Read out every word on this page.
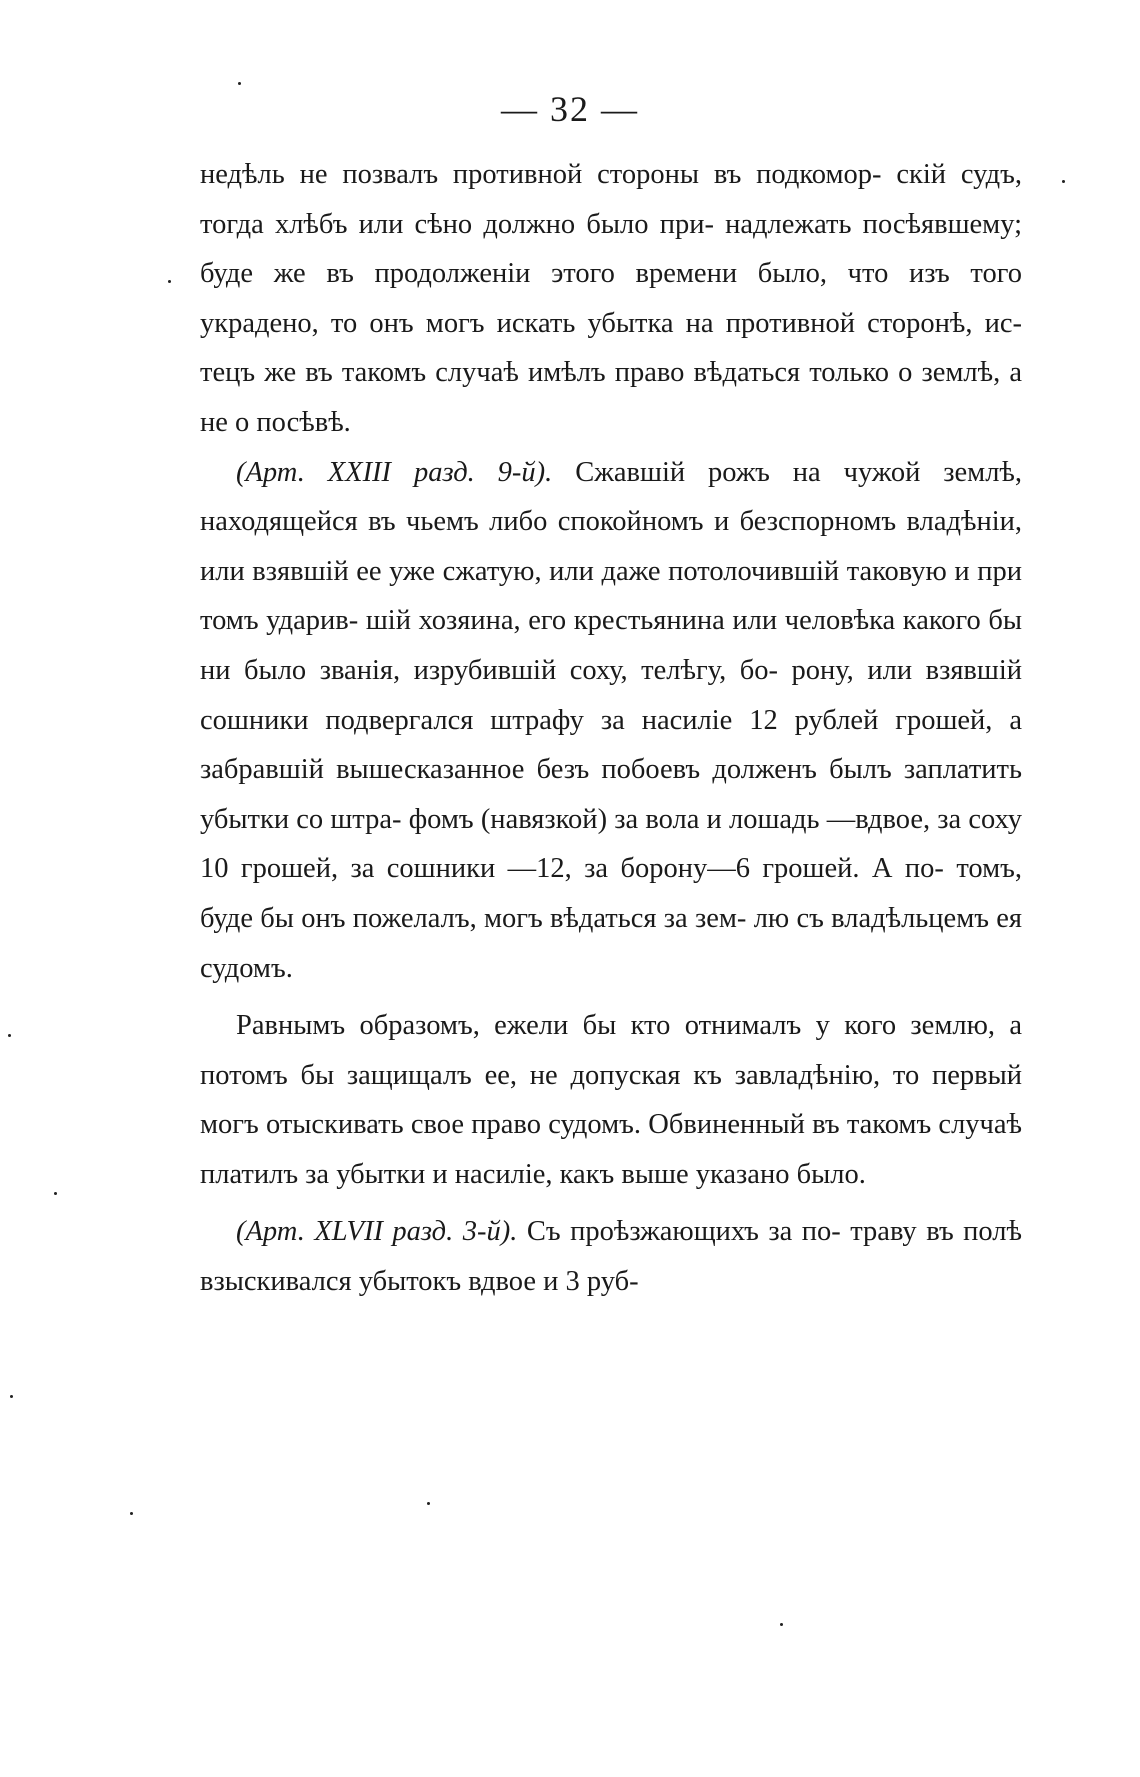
— 32 —

недѣль не позвалъ противной стороны въ подкомор- скій судъ, тогда хлѣбъ или сѣно должно было при- надлежать посѣявшему; буде же въ продолженіи этого времени было, что изъ того украдено, то онъ могъ искать убытка на противной сторонѣ, ис- тецъ же въ такомъ случаѣ имѣлъ право вѣдаться только о землѣ, а не о посѣвѣ.

(Арт. XXIII разд. 9-й). Сжавшій рожъ на чужой землѣ, находящейся въ чьемъ либо спокойномъ и безспорномъ владѣніи, или взявшій ее уже сжатую, или даже потолочившій таковую и при томъ ударив- шій хозяина, его крестьянина или человѣка какого бы ни было званія, изрубившій соху, телѣгу, бо- рону, или взявшій сошники подвергался штрафу за насиліе 12 рублей грошей, а забравшій вышесказанное безъ побоевъ долженъ былъ заплатить убытки со штра- фомъ (навязкой) за вола и лошадь —вдвое, за соху 10 грошей, за сошники —12, за борону—6 грошей. А по- томъ, буде бы онъ пожелалъ, могъ вѣдаться за зем- лю съ владѣльцемъ ея судомъ.

Равнымъ образомъ, ежели бы кто отнималъ у кого землю, а потомъ бы защищалъ ее, не допуская къ завладѣнію, то первый могъ отыскивать свое право судомъ. Обвиненный въ такомъ случаѣ платилъ за убытки и насиліе, какъ выше указано было.

(Арт. XLVII разд. 3-й). Съ проѣзжающихъ за по- траву въ полѣ взыскивался убытокъ вдвое и 3 руб-
